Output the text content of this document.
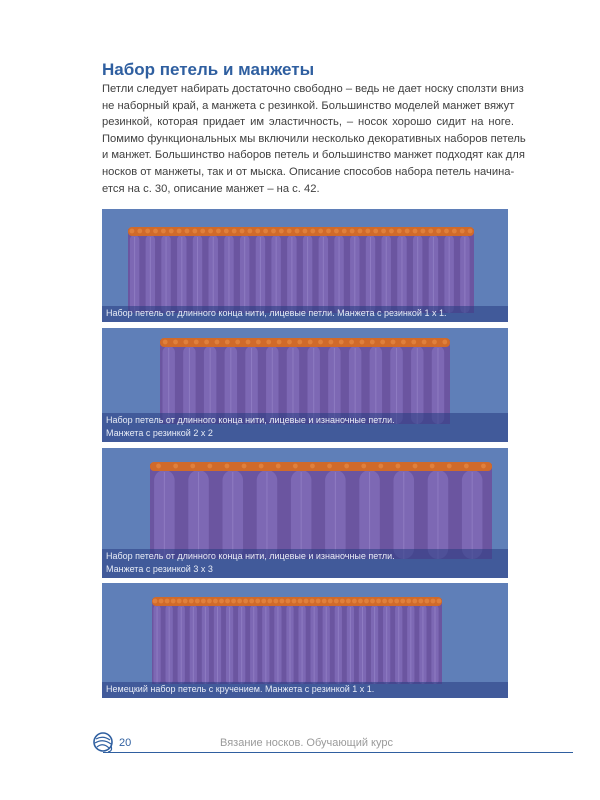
Набор петель и манжеты
Петли следует набирать достаточно свободно – ведь не дает носку сползти вниз
не наборный край, а манжета с резинкой. Большинство моделей манжет вяжут
резинкой, которая придает им эластичность, – носок хорошо сидит на ноге.
Помимо функциональных мы включили несколько декоративных наборов петель
и манжет. Большинство наборов петель и большинство манжет подходят как для
носков от манжеты, так и от мыска. Описание способов набора петель начина-
ется на с. 30, описание манжет – на с. 42.
Набор петель от длинного конца нити, лицевые петли. Манжета с резинкой 1 x 1.
Набор петель от длинного конца нити, лицевые и изнаночные петли.
Манжета с резинкой 2 x 2
Набор петель от длинного конца нити, лицевые и изнаночные петли.
Манжета с резинкой 3 x 3
Немецкий набор петель с кручением. Манжета с резинкой 1 x 1.
20	Вязание носков. Обучающий курс
